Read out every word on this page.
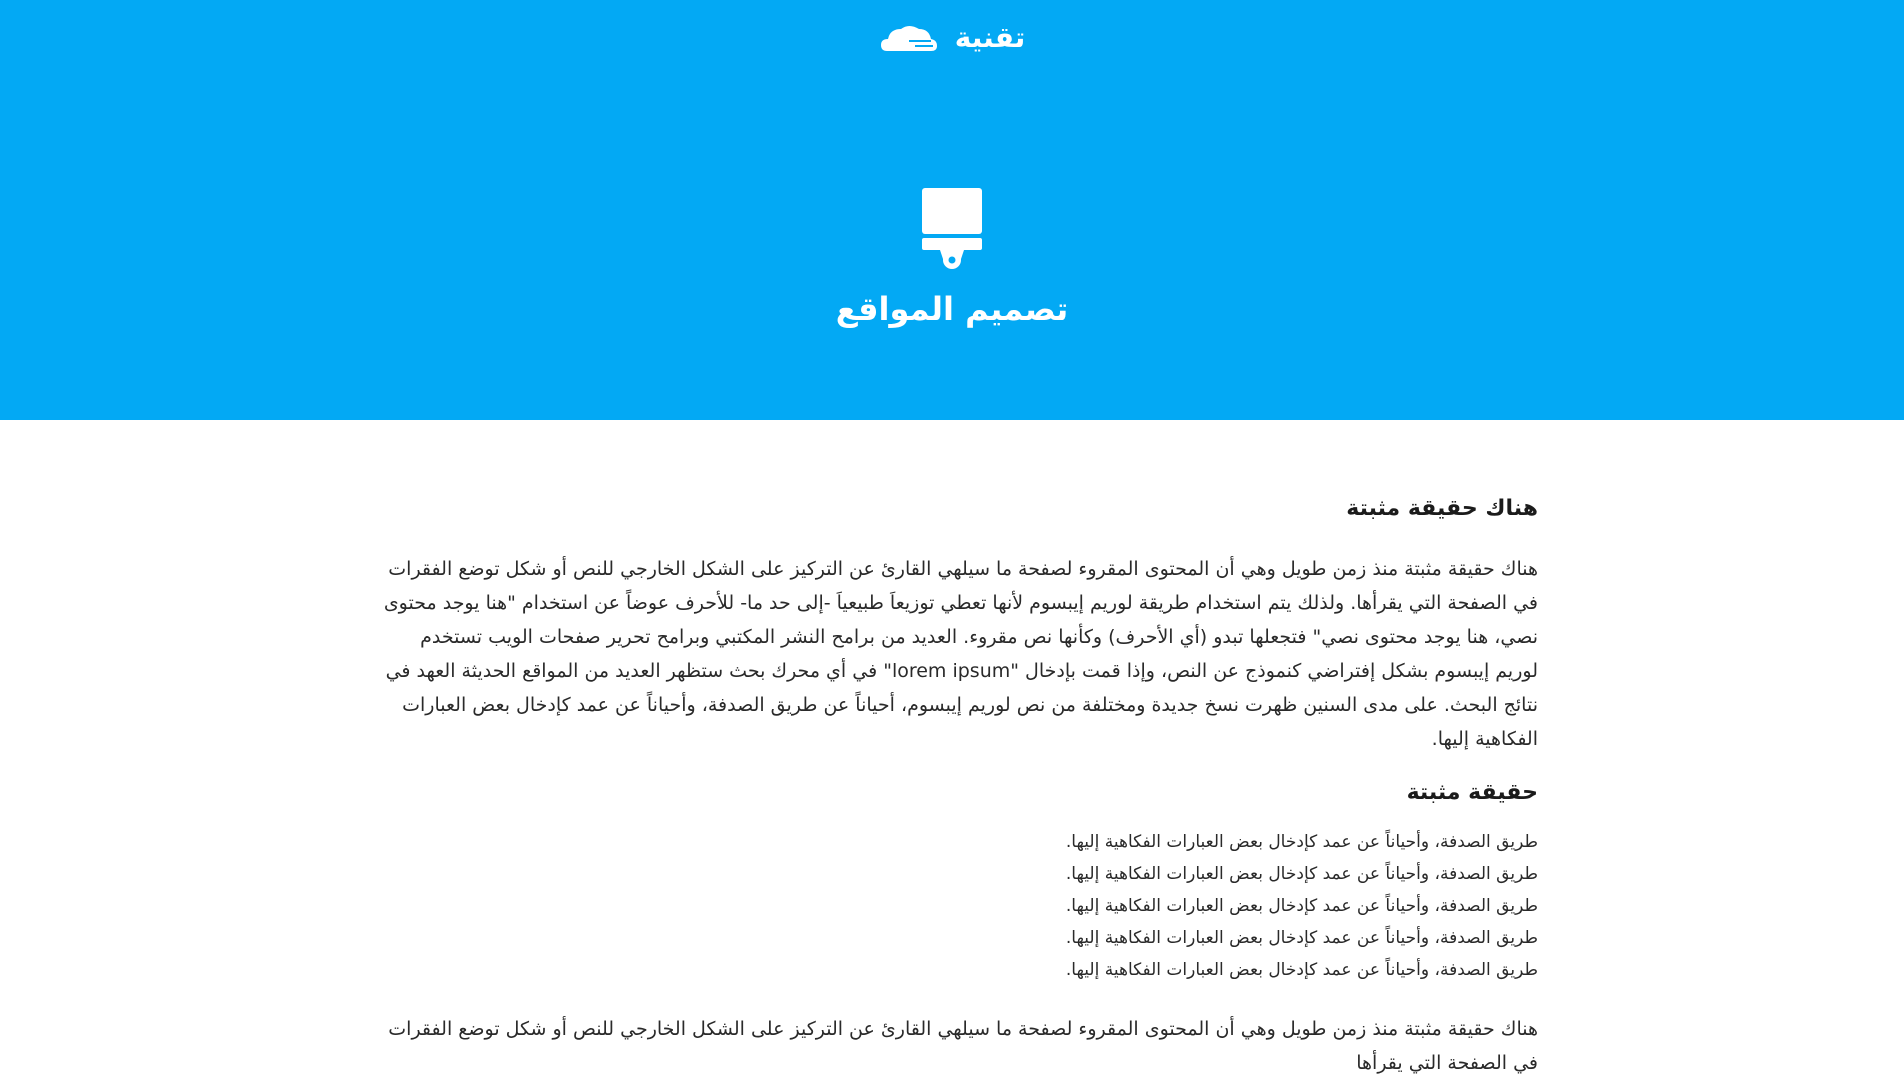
تقنية
تصميم المواقع
هناك حقيقة مثبتة

هناك حقيقة مثبتة منذ زمن طويل وهي أن المحتوى المقروء لصفحة ما سيلهي القارئ عن التركيز على الشكل الخارجي للنص أو شكل توضع الفقرات في الصفحة التي يقرأها. ولذلك يتم استخدام طريقة لوريم إيبسوم لأنها تعطي توزيعاَ طبيعياَ -إلى حد ما- للأحرف عوضاً عن استخدام "هنا يوجد محتوى نصي، هنا يوجد محتوى نصي" فتجعلها تبدو (أي الأحرف) وكأنها نص مقروء. العديد من برامح النشر المكتبي وبرامح تحرير صفحات الويب تستخدم لوريم إيبسوم بشكل إفتراضي كنموذج عن النص، وإذا قمت بإدخال "lorem ipsum" في أي محرك بحث ستظهر العديد من المواقع الحديثة العهد في نتائج البحث. على مدى السنين ظهرت نسخ جديدة ومختلفة من نص لوريم إيبسوم، أحياناً عن طريق الصدفة، وأحياناً عن عمد كإدخال بعض العبارات الفكاهية إليها.

حقيقة مثبتة
طريق الصدفة، وأحياناً عن عمد كإدخال بعض العبارات الفكاهية إليها.
طريق الصدفة، وأحياناً عن عمد كإدخال بعض العبارات الفكاهية إليها.
طريق الصدفة، وأحياناً عن عمد كإدخال بعض العبارات الفكاهية إليها.
طريق الصدفة، وأحياناً عن عمد كإدخال بعض العبارات الفكاهية إليها.
طريق الصدفة، وأحياناً عن عمد كإدخال بعض العبارات الفكاهية إليها.

هناك حقيقة مثبتة منذ زمن طويل وهي أن المحتوى المقروء لصفحة ما سيلهي القارئ عن التركيز على الشكل الخارجي للنص أو شكل توضع الفقرات في الصفحة التي يقرأها
